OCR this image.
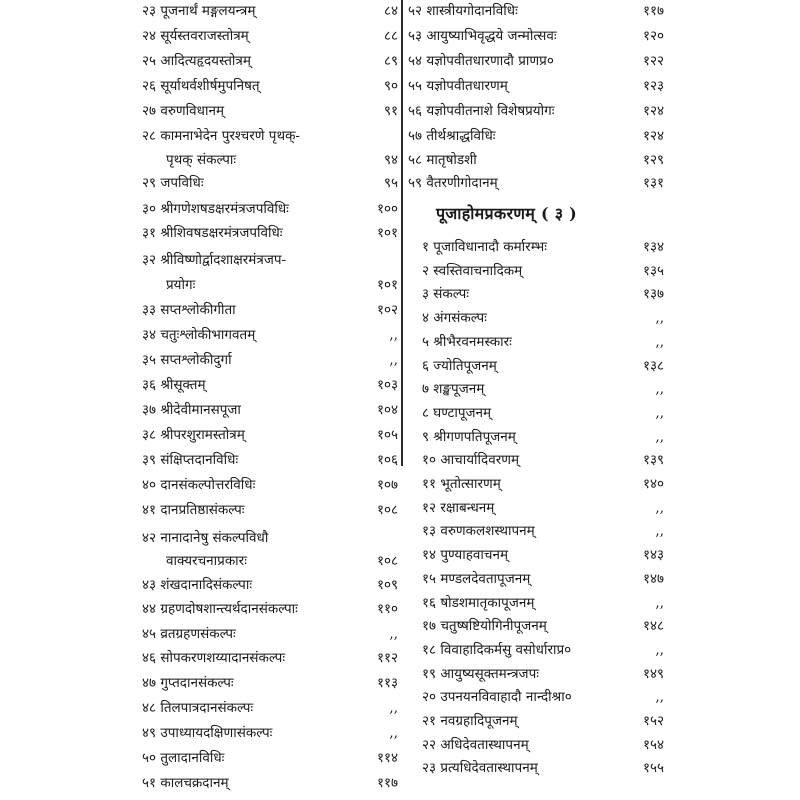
२३ पूजनार्थं मङ्गलयन्त्रम्	८४
२४ सूर्यस्तवराजस्तोत्रम्	८८
२५ आदित्यहृदयस्तोत्रम्	८९
२६ सूर्याथर्वशीर्षमुपनिषत्	९०
२७ वरुणविधानम्	९१
२८ कामनाभेदेन पुरश्चरणे पृथक्-
पृथक् संकल्पाः	९४
२९ जपविधिः	९५
३० श्रीगणेशषडक्षरमंत्रजपविधिः	१००
३१ श्रीशिवषडक्षरमंत्रजपविधिः	१०१
३२ श्रीविष्णोर्द्वादशाक्षरमंत्रजप-
प्रयोगः	१०१
३३ सप्तश्लोकीगीता	१०२
३४ चतुःश्लोकीभागवतम्	,,
३५ सप्तश्लोकीदुर्गा	,,
३६ श्रीसूक्तम्	१०३
३७ श्रीदेवीमानसपूजा	१०४
३८ श्रीपरशुरामस्तोत्रम्	१०५
३९ संक्षिप्तदानविधिः	१०६
४० दानसंकल्पोत्तरविधिः	१०७
४१ दानप्रतिष्ठासंकल्पः	१०८
४२ नानादानेषु संकल्पविधौ
वाक्यरचनाप्रकारः	१०८
४३ शंखदानादिसंकल्पाः	१०९
४४ ग्रहणदोषशान्त्यर्थदानसंकल्पाः	११०
४५ व्रतग्रहणसंकल्पः	,,
४६ सोपकरणशय्यादानसंकल्पः	११२
४७ गुप्तदानसंकल्पः	११३
४८ तिलपात्रदानसंकल्पः	,,
४९ उपाध्यायदक्षिणासंकल्पः	,,
५० तुलादानविधिः	११४
५१ कालचक्रदानम्	११७
पूजाहोमप्रकरणम् ( ३ )
५२ शास्त्रीयगोदानविधिः	११७
५३ आयुष्याभिवृद्धये जन्मोत्सवः	१२०
५४ यज्ञोपवीतधारणादौ प्राणप्र०	१२२
५५ यज्ञोपवीतधारणम्	१२३
५६ यज्ञोपवीतनाशे विशेषप्रयोगः	१२४
५७ तीर्थश्राद्धविधिः	१२४
५८ मातृषोडशी	१२९
५९ वैतरणीगोदानम्	१३१
१ पूजाविधानादौ कर्मारम्भः	१३४
२ स्वस्तिवाचनादिकम्	१३५
३ संकल्पः	१३७
४ अंगसंकल्पः	,,
५ श्रीभैरवनमस्कारः	,,
६ ज्योतिपूजनम्	१३८
७ शङ्खपूजनम्	,,
८ घण्टापूजनम्	,,
९ श्रीगणपतिपूजनम्	,,
१० आचार्यादिवरणम्	१३९
११ भूतोत्सारणम्	१४०
१२ रक्षाबन्धनम्	,,
१३ वरुणकलशस्थापनम्	,,
१४ पुण्याहवाचनम्	१४३
१५ मण्डलदेवतापूजनम्	१४७
१६ षोडशमातृकापूजनम्	,,
१७ चतुष्षष्टियोगिनीपूजनम्	१४८
१८ विवाहादिकर्मसु वसोर्धाराप्र०	,,
१९ आयुष्यसूक्तमन्त्रजपः	१४९
२० उपनयनविवाहादौ नान्दीश्रा०	,,
२१ नवग्रहादिपूजनम्	१५२
२२ अधिदेवतास्थापनम्	१५४
२३ प्रत्यधिदेवतास्थापनम्	१५५
